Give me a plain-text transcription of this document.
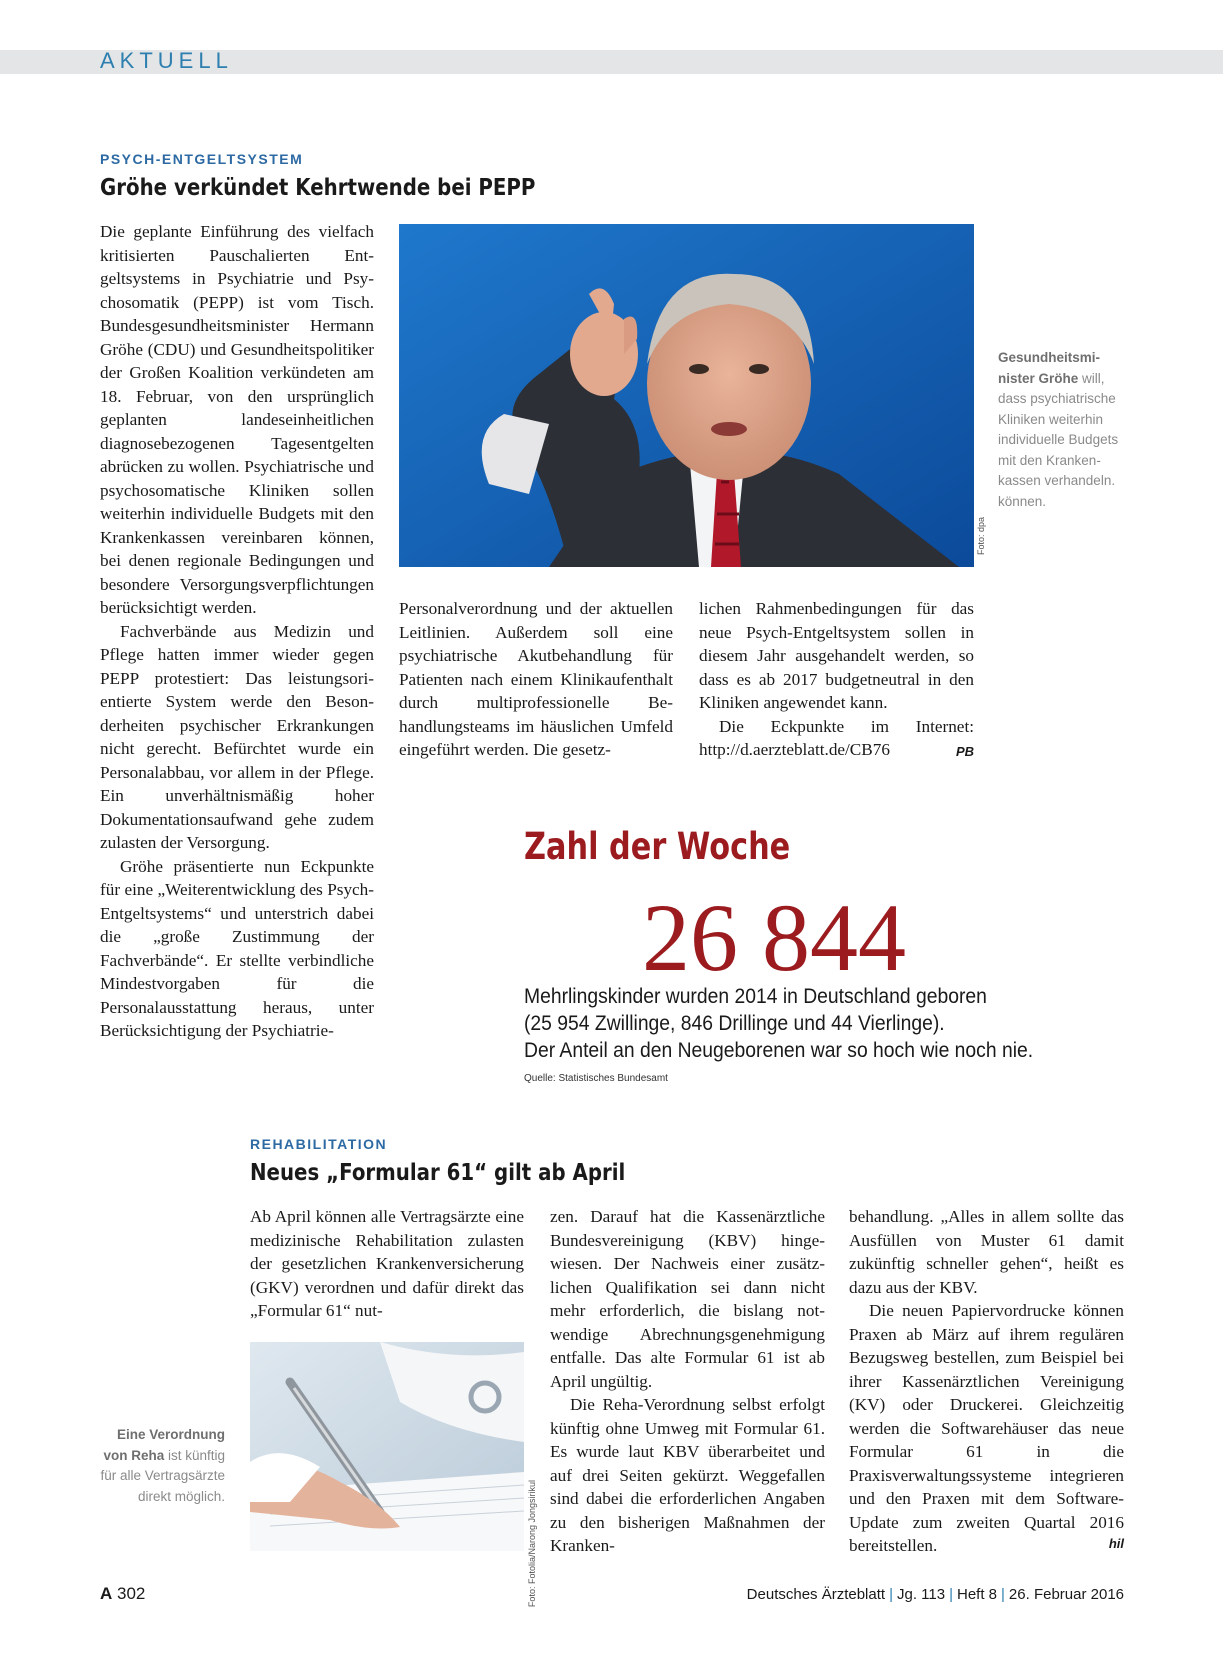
AKTUELL
PSYCH-ENTGELTSYSTEM
Gröhe verkündet Kehrtwende bei PEPP

Die geplante Einführung des vielfach kritisierten Pauschalierten Entgeltsystems in Psychiatrie und Psychosomatik (PEPP) ist vom Tisch. Bundesgesundheitsminister Hermann Gröhe (CDU) und Gesundheitspolitiker der Großen Koalition verkündeten am 18. Februar, von den ursprünglich geplanten landeseinheitlichen diagnosebezogenen Tagesentgelten abrücken zu wollen. Psychiatrische und psychosomatische Kliniken sollen weiterhin individuelle Budgets mit den Krankenkassen vereinbaren können, bei denen regionale Bedingungen und besondere Versorgungsverpflichtungen berücksichtigt werden.

Fachverbände aus Medizin und Pflege hatten immer wieder gegen PEPP protestiert: Das leistungsorientierte System werde den Besonderheiten psychischer Erkrankungen nicht gerecht. Befürchtet wurde ein Personalabbau, vor allem in der Pflege. Ein unverhältnismäßig hoher Dokumentationsaufwand gehe zudem zulasten der Versorgung.

Gröhe präsentierte nun Eckpunkte für eine „Weiterentwicklung des Psych-Entgeltsystems“ und unterstrich dabei die „große Zustimmung der Fachverbände“. Er stellte verbindliche Mindestvorgaben für die Personalausstattung heraus, unter Berücksichtigung der Psychiatrie-

Foto: dpa
Gesundheitsminister Gröhe will, dass psychiatrische Kliniken weiterhin individuelle Budgets mit den Krankenkassen verhandeln. können.

Personalverordnung und der aktuellen Leitlinien. Außerdem soll eine psychiatrische Akutbehandlung für Patienten nach einem Klinikaufenthalt durch multiprofessionelle Behandlungsteams im häuslichen Umfeld eingeführt werden. Die gesetz-

lichen Rahmenbedingungen für das neue Psych-Entgeltsystem sollen in diesem Jahr ausgehandelt werden, so dass es ab 2017 budgetneutral in den Kliniken angewendet kann.

Die Eckpunkte im Internet:

http://d.aerzteblatt.de/CB76	PB

Zahl der Woche
26 844
Mehrlingskinder wurden 2014 in Deutschland geboren
(25 954 Zwillinge, 846 Drillinge und 44 Vierlinge).
Der Anteil an den Neugeborenen war so hoch wie noch nie.
Quelle: Statistisches Bundesamt
REHABILITATION
Neues „Formular 61“ gilt ab April

Ab April können alle Vertragsärzte eine medizinische Rehabilitation zulasten der gesetzlichen Krankenversicherung (GKV) verordnen und dafür direkt das „Formular 61“ nut-

Foto: Fotolia/Narong Jongsirikul
Eine Verordnung von Reha ist künftig für alle Vertragsärzte direkt möglich.

zen. Darauf hat die Kassenärztliche Bundesvereinigung (KBV) hingewiesen. Der Nachweis einer zusätzlichen Qualifikation sei dann nicht mehr erforderlich, die bislang notwendige Abrechnungsgenehmigung entfalle. Das alte Formular 61 ist ab April ungültig.

Die Reha-Verordnung selbst erfolgt künftig ohne Umweg mit Formular 61. Es wurde laut KBV überarbeitet und auf drei Seiten gekürzt. Weggefallen sind dabei die erforderlichen Angaben zu den bisherigen Maßnahmen der Kranken-

behandlung. „Alles in allem sollte das Ausfüllen von Muster 61 damit zukünftig schneller gehen“, heißt es dazu aus der KBV.

Die neuen Papiervordrucke können Praxen ab März auf ihrem regulären Bezugsweg bestellen, zum Beispiel bei ihrer Kassenärztlichen Vereinigung (KV) oder Druckerei. Gleichzeitig werden die Softwarehäuser das neue Formular 61 in die Praxisverwaltungssysteme integrieren und den Praxen mit dem Software-Update zum zweiten Quartal 2016 bereitstellen.	hil

A 302	Deutsches Ärzteblatt | Jg. 113 | Heft 8 | 26. Februar 2016
